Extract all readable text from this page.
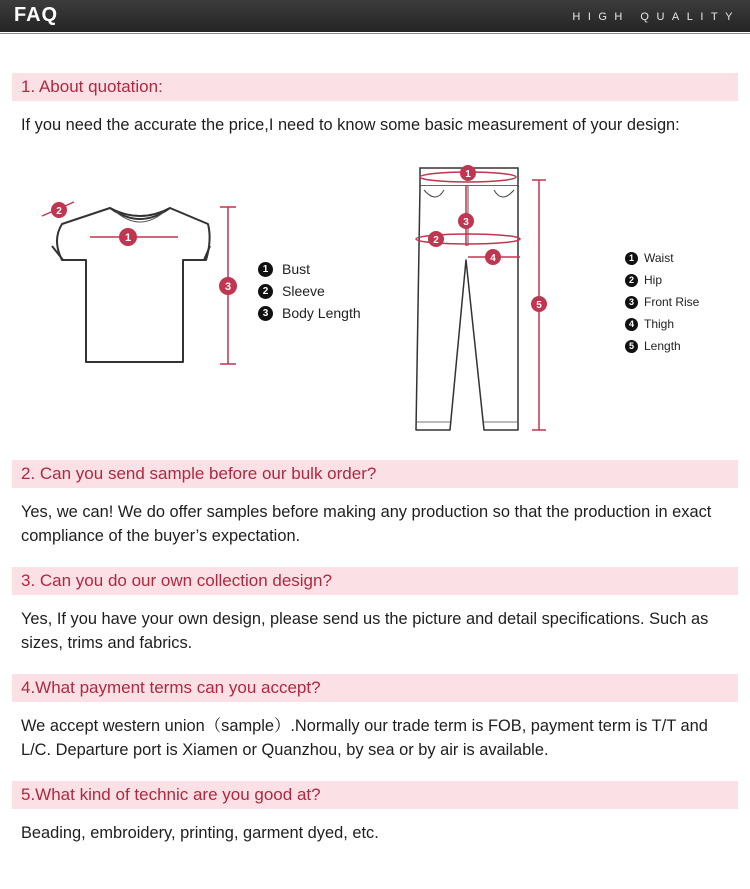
FAQ	HIGH QUALITY
1. About quotation:
If you need the accurate the price,I need to know some basic measurement of your design:
1
2
3
1 Bust
2 Sleeve
3 Body Length
1
2
3
4
5
1 Waist
2 Hip
3 Front Rise
4 Thigh
5 Length
2. Can you send sample before our bulk order?
Yes, we can! We do offer samples before making any production so that the production in exact compliance of the buyer’s expectation.
3. Can you do our own collection design?
Yes, If you have your own design, please send us the picture and detail specifications. Such as sizes, trims and fabrics.
4.What payment terms can you accept?
We accept western union（sample）.Normally our trade term is FOB, payment term is T/T and L/C. Departure port is Xiamen or Quanzhou, by sea or by air is available.
5.What kind of technic are you good at?
Beading, embroidery, printing, garment dyed, etc.
